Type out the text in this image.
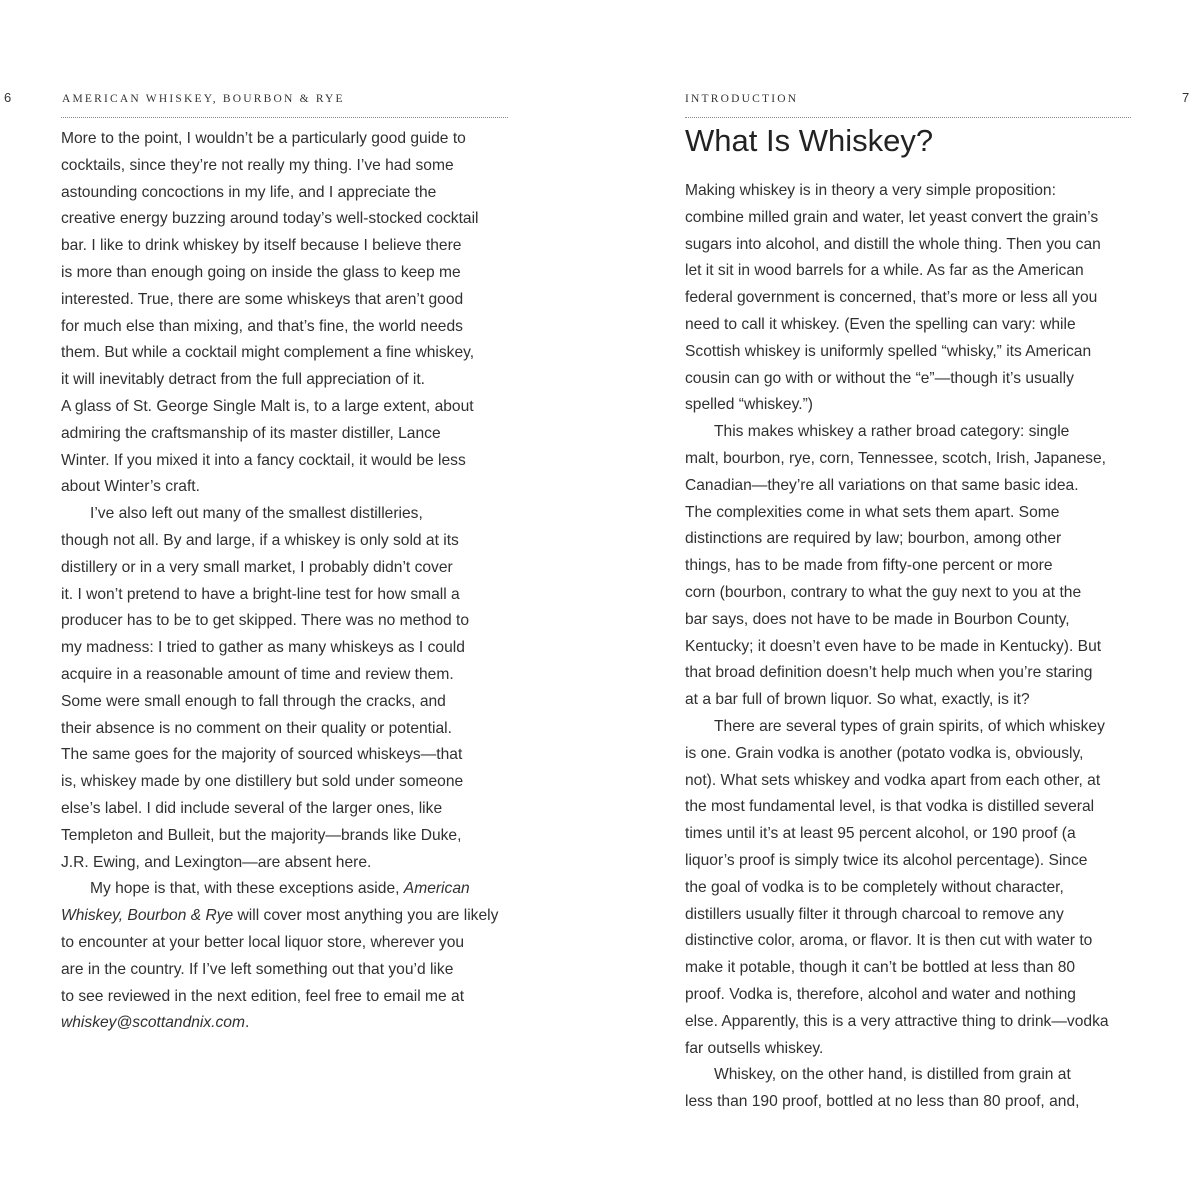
6	AMERICAN WHISKEY, BOURBON & RYE
More to the point, I wouldn’t be a particularly good guide to
cocktails, since they’re not really my thing. I’ve had some
astounding concoctions in my life, and I appreciate the
creative energy buzzing around today’s well-stocked cocktail
bar. I like to drink whiskey by itself because I believe there
is more than enough going on inside the glass to keep me
interested. True, there are some whiskeys that aren’t good
for much else than mixing, and that’s fine, the world needs
them. But while a cocktail might complement a fine whiskey,
it will inevitably detract from the full appreciation of it.
A glass of St. George Single Malt is, to a large extent, about
admiring the craftsmanship of its master distiller, Lance
Winter. If you mixed it into a fancy cocktail, it would be less
about Winter’s craft.
I’ve also left out many of the smallest distilleries,
though not all. By and large, if a whiskey is only sold at its
distillery or in a very small market, I probably didn’t cover
it. I won’t pretend to have a bright-line test for how small a
producer has to be to get skipped. There was no method to
my madness: I tried to gather as many whiskeys as I could
acquire in a reasonable amount of time and review them.
Some were small enough to fall through the cracks, and
their absence is no comment on their quality or potential.
The same goes for the majority of sourced whiskeys—that
is, whiskey made by one distillery but sold under someone
else’s label. I did include several of the larger ones, like
Templeton and Bulleit, but the majority—brands like Duke,
J.R. Ewing, and Lexington—are absent here.
My hope is that, with these exceptions aside, American
Whiskey, Bourbon & Rye will cover most anything you are likely
to encounter at your better local liquor store, wherever you
are in the country. If I’ve left something out that you’d like
to see reviewed in the next edition, feel free to email me at
whiskey@scottandnix.com.
7
INTRODUCTION
What Is Whiskey?
Making whiskey is in theory a very simple proposition:
combine milled grain and water, let yeast convert the grain’s
sugars into alcohol, and distill the whole thing. Then you can
let it sit in wood barrels for a while. As far as the American
federal government is concerned, that’s more or less all you
need to call it whiskey. (Even the spelling can vary: while
Scottish whiskey is uniformly spelled “whisky,” its American
cousin can go with or without the “e”—though it’s usually
spelled “whiskey.”)
This makes whiskey a rather broad category: single
malt, bourbon, rye, corn, Tennessee, scotch, Irish, Japanese,
Canadian—they’re all variations on that same basic idea.
The complexities come in what sets them apart. Some
distinctions are required by law; bourbon, among other
things, has to be made from fifty-one percent or more
corn (bourbon, contrary to what the guy next to you at the
bar says, does not have to be made in Bourbon County,
Kentucky; it doesn’t even have to be made in Kentucky). But
that broad definition doesn’t help much when you’re staring
at a bar full of brown liquor. So what, exactly, is it?
There are several types of grain spirits, of which whiskey
is one. Grain vodka is another (potato vodka is, obviously,
not). What sets whiskey and vodka apart from each other, at
the most fundamental level, is that vodka is distilled several
times until it’s at least 95 percent alcohol, or 190 proof (a
liquor’s proof is simply twice its alcohol percentage). Since
the goal of vodka is to be completely without character,
distillers usually filter it through charcoal to remove any
distinctive color, aroma, or flavor. It is then cut with water to
make it potable, though it can’t be bottled at less than 80
proof. Vodka is, therefore, alcohol and water and nothing
else. Apparently, this is a very attractive thing to drink—vodka
far outsells whiskey.
Whiskey, on the other hand, is distilled from grain at
less than 190 proof, bottled at no less than 80 proof, and,
